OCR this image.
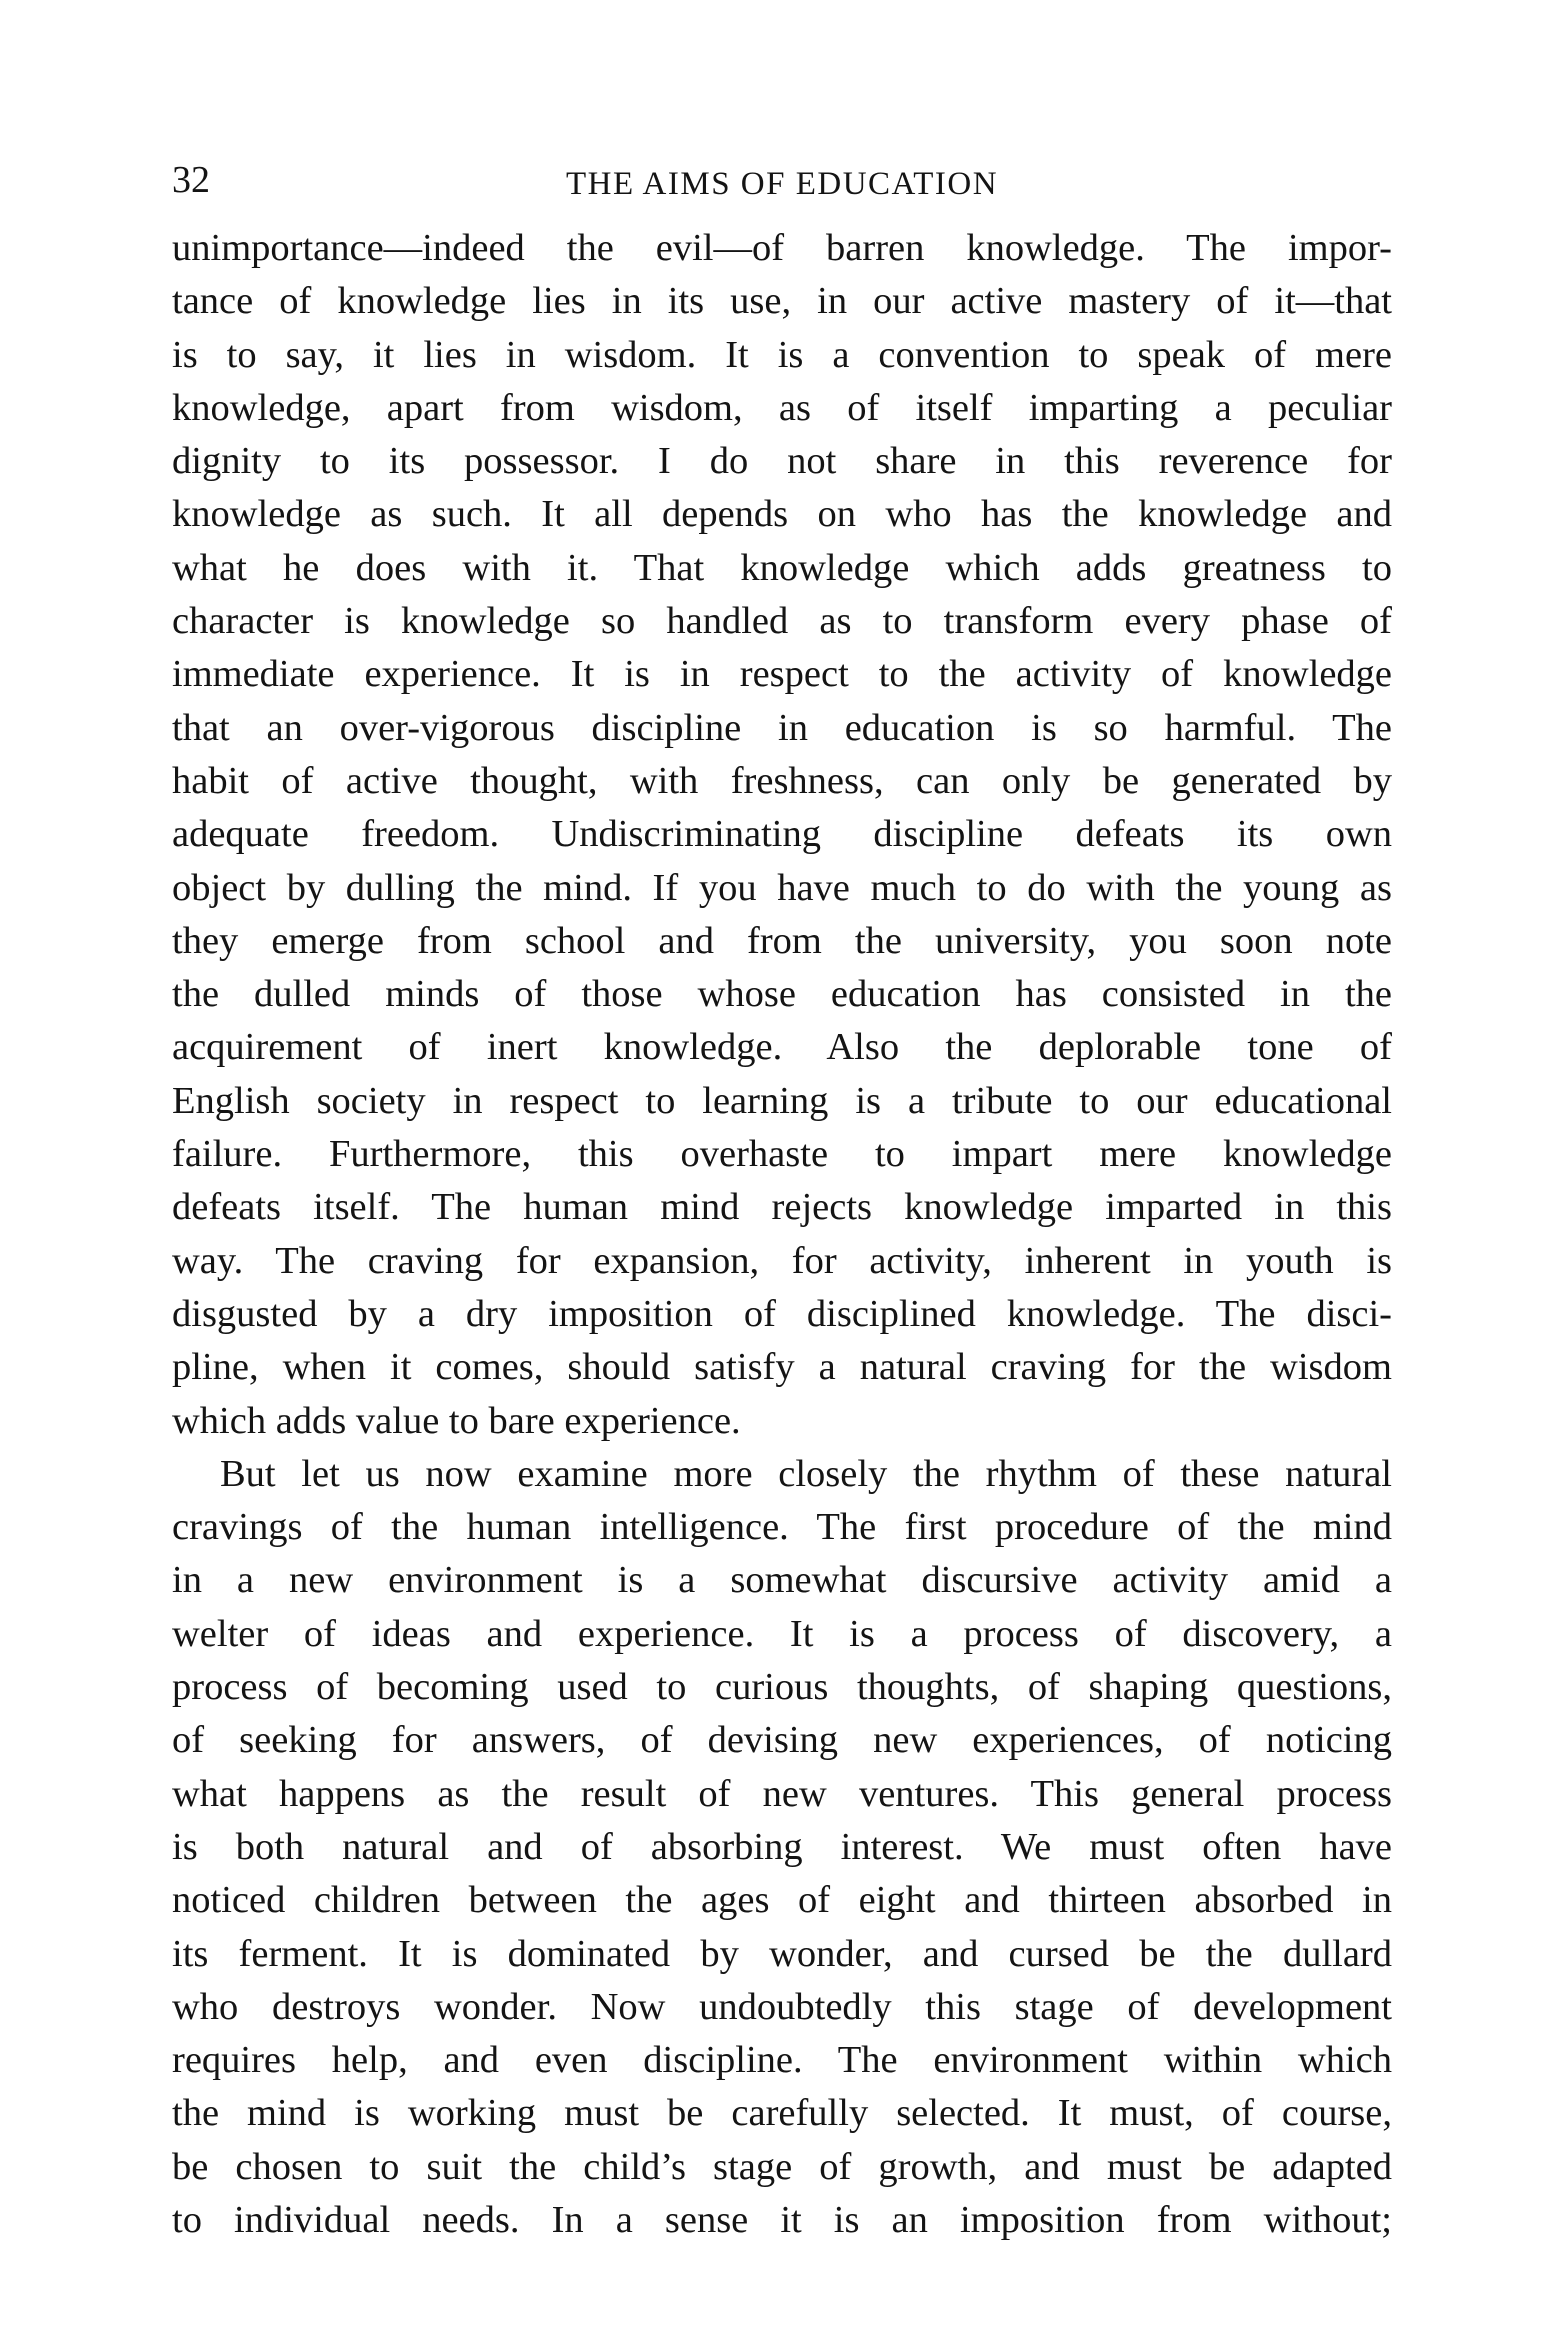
32	THE AIMS OF EDUCATION
unimportance—indeed the evil—of barren knowledge. The impor-
tance of knowledge lies in its use, in our active mastery of it—that
is to say, it lies in wisdom. It is a convention to speak of mere
knowledge, apart from wisdom, as of itself imparting a peculiar
dignity to its possessor. I do not share in this reverence for
knowledge as such. It all depends on who has the knowledge and
what he does with it. That knowledge which adds greatness to
character is knowledge so handled as to transform every phase of
immediate experience. It is in respect to the activity of knowledge
that an over-vigorous discipline in education is so harmful. The
habit of active thought, with freshness, can only be generated by
adequate freedom. Undiscriminating discipline defeats its own
object by dulling the mind. If you have much to do with the young as
they emerge from school and from the university, you soon note
the dulled minds of those whose education has consisted in the
acquirement of inert knowledge. Also the deplorable tone of
English society in respect to learning is a tribute to our educational
failure. Furthermore, this overhaste to impart mere knowledge
defeats itself. The human mind rejects knowledge imparted in this
way. The craving for expansion, for activity, inherent in youth is
disgusted by a dry imposition of disciplined knowledge. The disci-
pline, when it comes, should satisfy a natural craving for the wisdom
which adds value to bare experience.
But let us now examine more closely the rhythm of these natural
cravings of the human intelligence. The first procedure of the mind
in a new environment is a somewhat discursive activity amid a
welter of ideas and experience. It is a process of discovery, a
process of becoming used to curious thoughts, of shaping questions,
of seeking for answers, of devising new experiences, of noticing
what happens as the result of new ventures. This general process
is both natural and of absorbing interest. We must often have
noticed children between the ages of eight and thirteen absorbed in
its ferment. It is dominated by wonder, and cursed be the dullard
who destroys wonder. Now undoubtedly this stage of development
requires help, and even discipline. The environment within which
the mind is working must be carefully selected. It must, of course,
be chosen to suit the child’s stage of growth, and must be adapted
to individual needs. In a sense it is an imposition from without;
